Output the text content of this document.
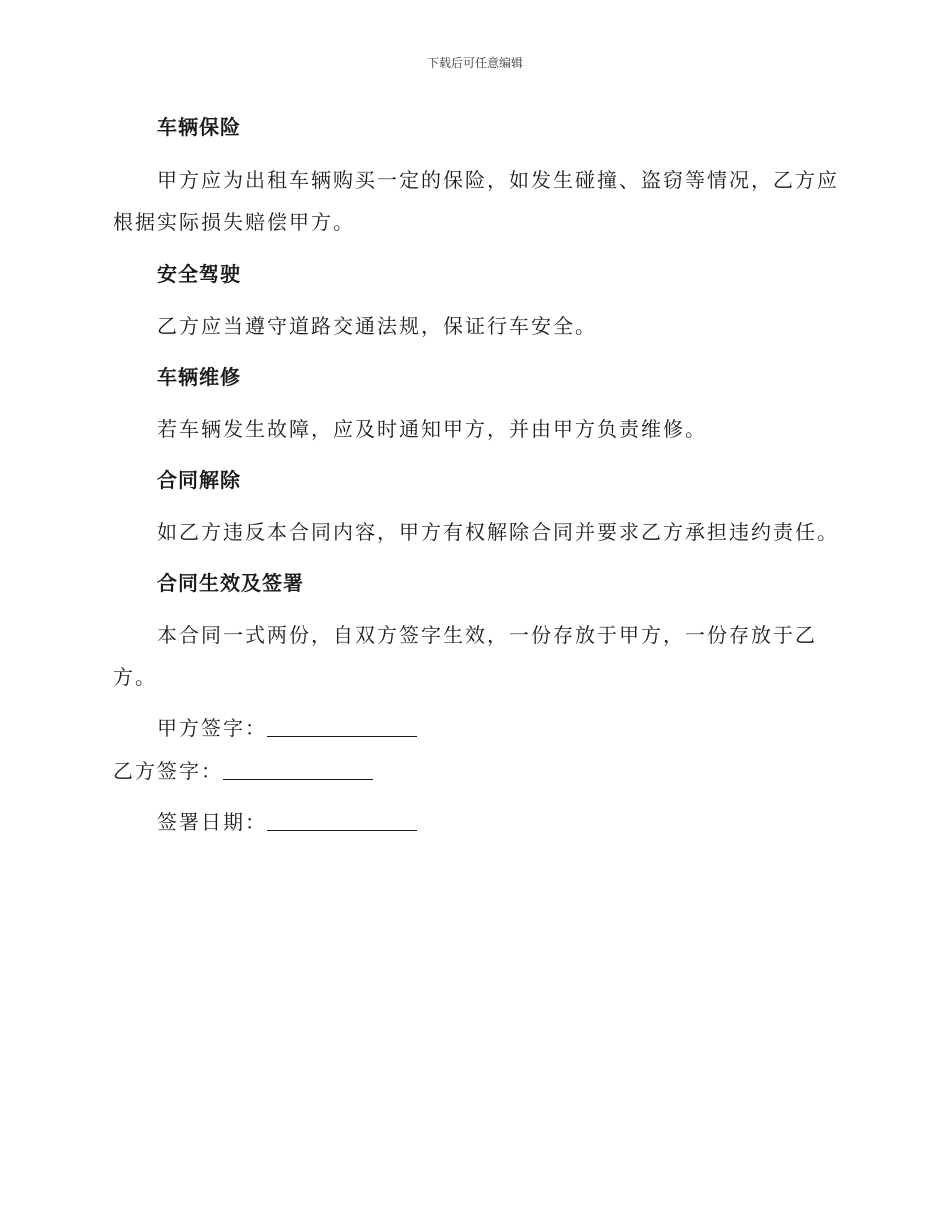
下载后可任意编辑
车辆保险
甲方应为出租车辆购买一定的保险，如发生碰撞、盗窃等情况，乙方应
根据实际损失赔偿甲方。
安全驾驶
乙方应当遵守道路交通法规，保证行车安全。
车辆维修
若车辆发生故障，应及时通知甲方，并由甲方负责维修。
合同解除
如乙方违反本合同内容，甲方有权解除合同并要求乙方承担违约责任。
合同生效及签署
本合同一式两份，自双方签字生效，一份存放于甲方，一份存放于乙
方。
甲方签字：
乙方签字：
签署日期：
